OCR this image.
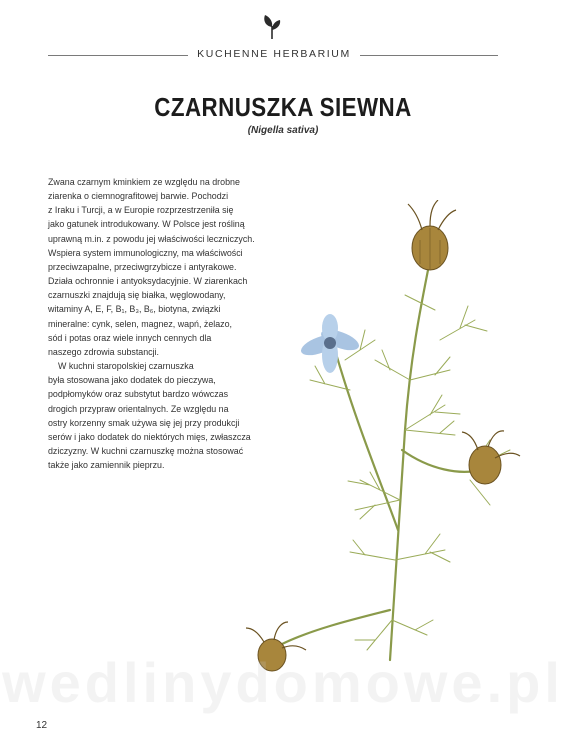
KUCHENNE HERBARIUM
CZARNUSZKA SIEWNA
(Nigella sativa)

Zwana czarnym kminkiem ze względu na drobne
ziarenka o ciemnografitowej barwie. Pochodzi
z Iraku i Turcji, a w Europie rozprzestrzeniła się
jako gatunek introdukowany. W Polsce jest rośliną
uprawną m.in. z powodu jej właściwości leczniczych.
Wspiera system immunologiczny, ma właściwości
przeciwzapalne, przeciwgrzybicze i antyrakowe.
Działa ochronnie i antyoksydacyjnie. W ziarenkach
czarnuszki znajdują się białka, węglowodany,
witaminy A, E, F, B₁, B₃, B₆, biotyna, związki
mineralne: cynk, selen, magnez, wapń, żelazo,
sód i potas oraz wiele innych cennych dla
naszego zdrowia substancji.

W kuchni staropolskiej czarnuszka
była stosowana jako dodatek do pieczywa,
podpłomyków oraz substytut bardzo wówczas
drogich przypraw orientalnych. Ze względu na
ostry korzenny smak używa się jej przy produkcji
serów i jako dodatek do niektórych mięs, zwłaszcza
dziczyzny. W kuchni czarnuszkę można stosować
także jako zamiennik pieprzu.

wedlinydomowe.pl
12
